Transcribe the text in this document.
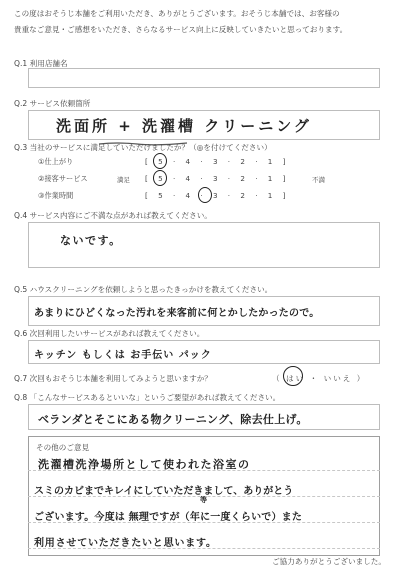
この度はおそうじ本舗をご利用いただき、ありがとうございます。おそうじ本舗では、お客様の
貴重なご意見・ご感想をいただき、さらなるサービス向上に反映していきたいと思っております。
Q.1 利用店舗名
Q.2 サービス依頼箇所
洗面所 + 洗濯槽 クリーニング
Q.3 当社のサービスに満足していただけましたか？（◎を付けてください）
①仕上がり	[ 5 · 4 · 3 · 2 · 1 ]
満足
②接客サービス	[ 5 · 4 · 3 · 2 · 1 ]	不満
③作業時間	[ 5 · 4 · 3 · 2 · 1 ]
Q.4 サービス内容にご不満な点があれば教えてください。
ないです。
Q.5 ハウスクリーニングを依頼しようと思ったきっかけを教えてください。
あまりにひどくなった汚れを来客前に何とかしたかったので。
Q.6 次回利用したいサービスがあれば教えてください。
キッチン もしくは お手伝い パック
Q.7 次回もおそうじ本舗を利用してみようと思いますか？	（ はい ・ いいえ ）
Q.8 「こんなサービスあるといいな」というご要望があれば教えてください。
ベランダとそこにある物クリーニング、除去仕上げ。
その他のご意見
洗濯槽洗浄場所として使われた浴室の
スミのカビまでキレイにしていただきまして、ありがとう
等
ございます。今度は 無理ですが（年に一度くらいで）また
利用させていただきたいと思います。
ご協力ありがとうございました。
